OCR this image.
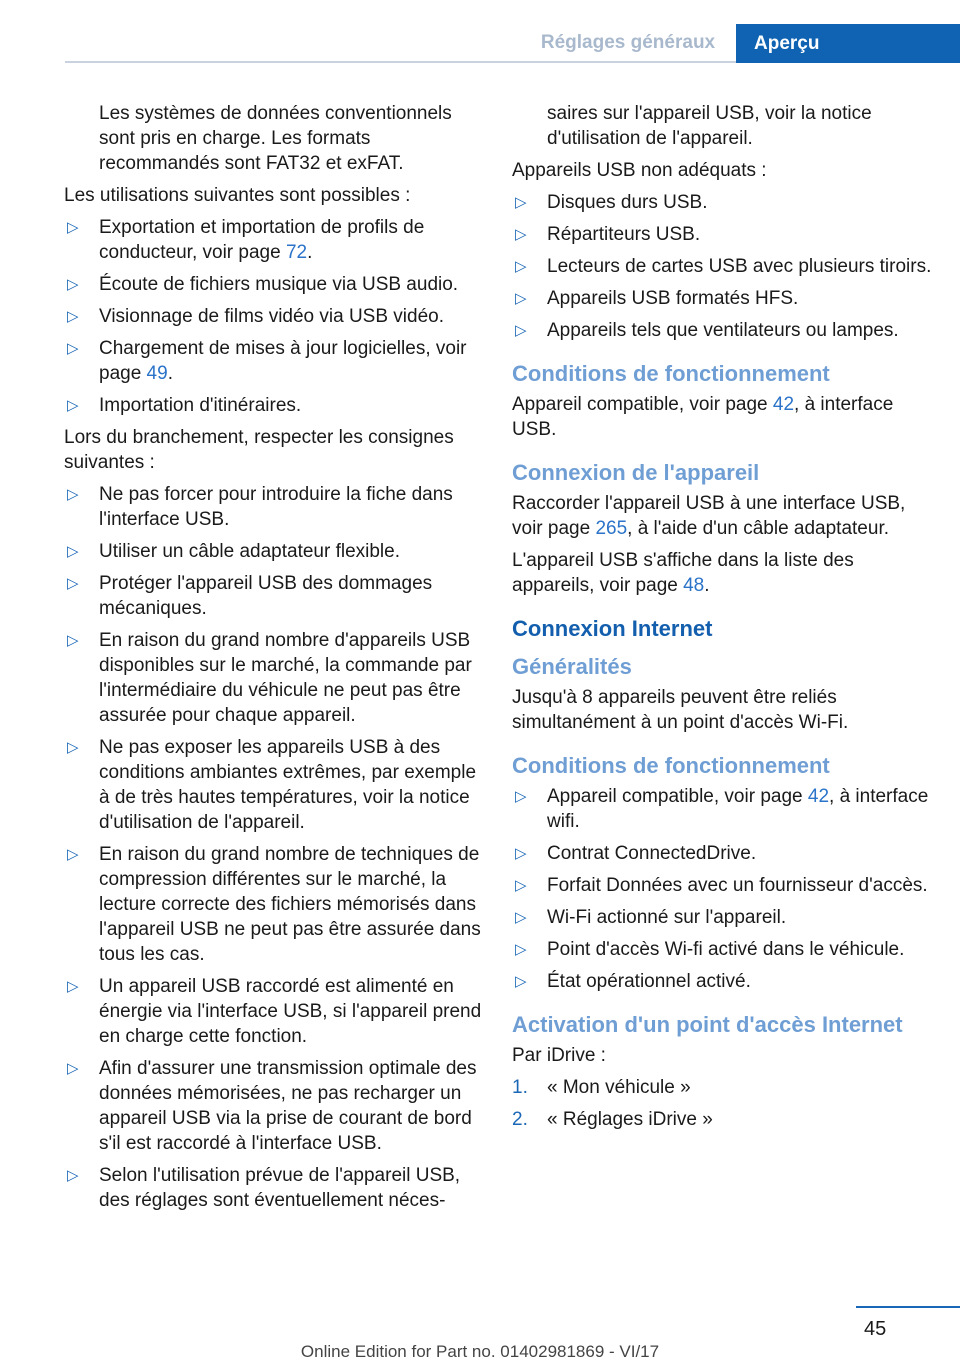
Réglages généraux	Aperçu
Les systèmes de données conventionnels sont pris en charge. Les formats recommandés sont FAT32 et exFAT.

Les utilisations suivantes sont possibles :

▷ Exportation et importation de profils de conducteur, voir page 72.
▷ Écoute de fichiers musique via USB audio.
▷ Visionnage de films vidéo via USB vidéo.
▷ Chargement de mises à jour logicielles, voir page 49.
▷ Importation d'itinéraires.

Lors du branchement, respecter les consignes suivantes :

▷ Ne pas forcer pour introduire la fiche dans l'interface USB.
▷ Utiliser un câble adaptateur flexible.
▷ Protéger l'appareil USB des dommages mécaniques.
▷ En raison du grand nombre d'appareils USB disponibles sur le marché, la commande par l'intermédiaire du véhicule ne peut pas être assurée pour chaque appareil.
▷ Ne pas exposer les appareils USB à des conditions ambiantes extrêmes, par exemple à de très hautes températures, voir la notice d'utilisation de l'appareil.
▷ En raison du grand nombre de techniques de compression différentes sur le marché, la lecture correcte des fichiers mémorisés dans l'appareil USB ne peut pas être assurée dans tous les cas.
▷ Un appareil USB raccordé est alimenté en énergie via l'interface USB, si l'appareil prend en charge cette fonction.
▷ Afin d'assurer une transmission optimale des données mémorisées, ne pas recharger un appareil USB via la prise de courant de bord s'il est raccordé à l'interface USB.
▷ Selon l'utilisation prévue de l'appareil USB, des réglages sont éventuellement néces-
saires sur l'appareil USB, voir la notice d'utilisation de l'appareil.

Appareils USB non adéquats :

▷ Disques durs USB.
▷ Répartiteurs USB.
▷ Lecteurs de cartes USB avec plusieurs tiroirs.
▷ Appareils USB formatés HFS.
▷ Appareils tels que ventilateurs ou lampes.
Conditions de fonctionnement

Appareil compatible, voir page 42, à interface USB.

Connexion de l'appareil

Raccorder l'appareil USB à une interface USB, voir page 265, à l'aide d'un câble adaptateur.

L'appareil USB s'affiche dans la liste des appareils, voir page 48.

Connexion Internet
Généralités

Jusqu'à 8 appareils peuvent être reliés simultanément à un point d'accès Wi-Fi.

Conditions de fonctionnement
▷ Appareil compatible, voir page 42, à interface wifi.
▷ Contrat ConnectedDrive.
▷ Forfait Données avec un fournisseur d'accès.
▷ Wi-Fi actionné sur l'appareil.
▷ Point d'accès Wi-fi activé dans le véhicule.
▷ État opérationnel activé.
Activation d'un point d'accès Internet

Par iDrive :

1. « Mon véhicule »
2. « Réglages iDrive »
45
Online Edition for Part no. 01402981869 - VI/17
